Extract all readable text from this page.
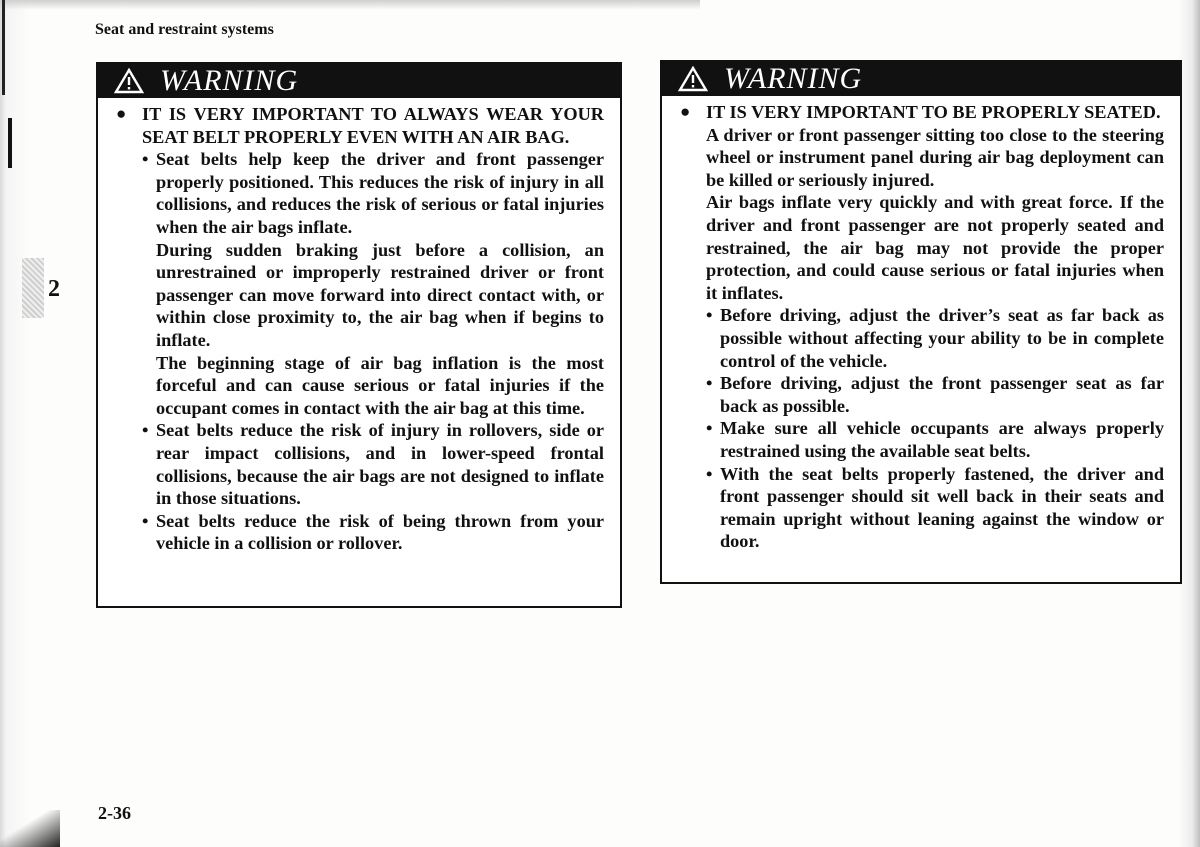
Seat and restraint systems
2
WARNING
● IT IS VERY IMPORTANT TO ALWAYS WEAR YOUR SEAT BELT PROPERLY EVEN WITH AN AIR BAG.
• Seat belts help keep the driver and front passenger properly positioned. This reduces the risk of injury in all collisions, and reduces the risk of serious or fatal injuries when the air bags inflate.

During sudden braking just before a collision, an unrestrained or improperly restrained driver or front passenger can move forward into direct contact with, or within close proximity to, the air bag when if begins to inflate.

The beginning stage of air bag inflation is the most forceful and can cause serious or fatal injuries if the occupant comes in contact with the air bag at this time.

• Seat belts reduce the risk of injury in rollovers, side or rear impact collisions, and in lower-speed frontal collisions, because the air bags are not designed to inflate in those situations.

• Seat belts reduce the risk of being thrown from your vehicle in a collision or rollover.

WARNING
● IT IS VERY IMPORTANT TO BE PROPERLY SEATED.

A driver or front passenger sitting too close to the steering wheel or instrument panel during air bag deployment can be killed or seriously injured.

Air bags inflate very quickly and with great force. If the driver and front passenger are not properly seated and restrained, the air bag may not provide the proper protection, and could cause serious or fatal injuries when it inflates.

• Before driving, adjust the driver’s seat as far back as possible without affecting your ability to be in complete control of the vehicle.

• Before driving, adjust the front passenger seat as far back as possible.

• Make sure all vehicle occupants are always properly restrained using the available seat belts.

• With the seat belts properly fastened, the driver and front passenger should sit well back in their seats and remain upright without leaning against the window or door.

2-36
